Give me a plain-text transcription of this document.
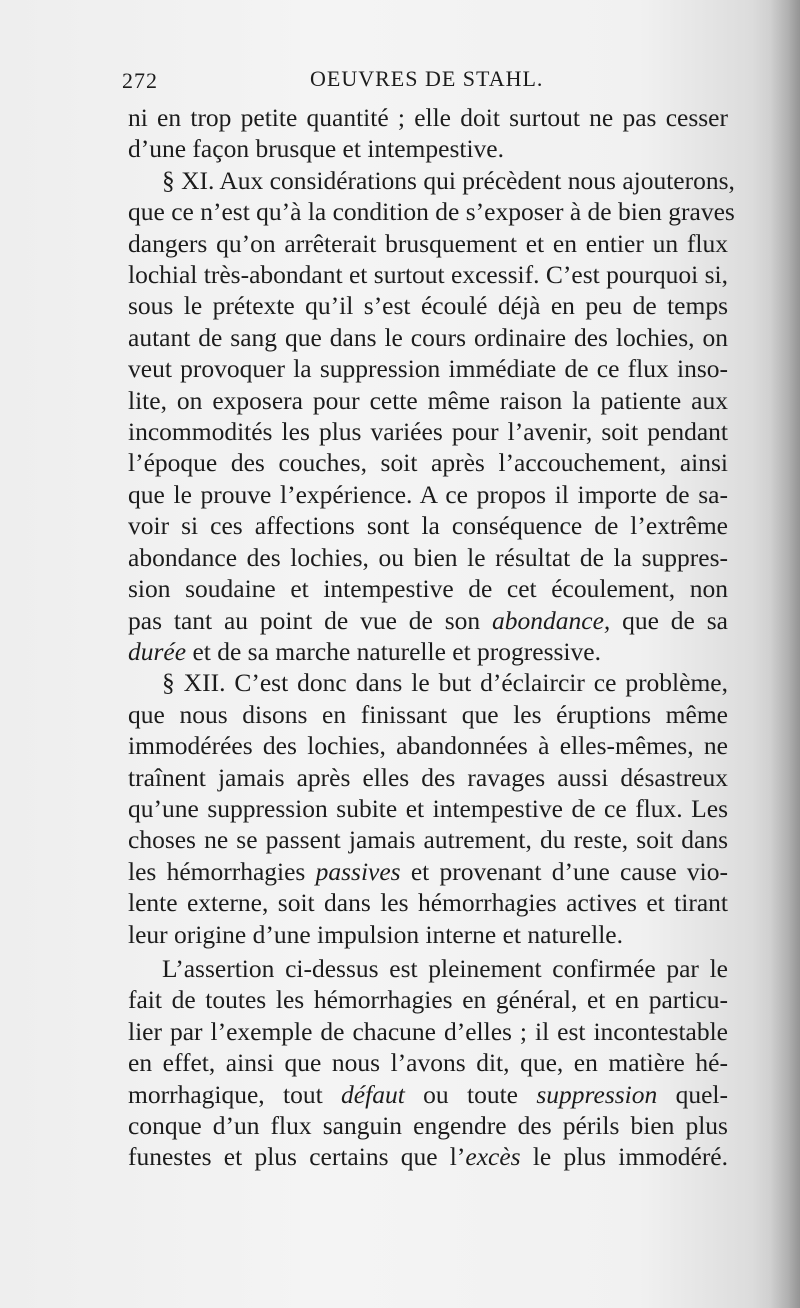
272	OEUVRES DE STAHL.
ni en trop petite quantité ; elle doit surtout ne pas cesser
d’une façon brusque et intempestive.
§ XI. Aux considérations qui précèdent nous ajouterons,
que ce n’est qu’à la condition de s’exposer à de bien graves
dangers qu’on arrêterait brusquement et en entier un flux
lochial très-abondant et surtout excessif. C’est pourquoi si,
sous le prétexte qu’il s’est écoulé déjà en peu de temps
autant de sang que dans le cours ordinaire des lochies, on
veut provoquer la suppression immédiate de ce flux inso-
lite, on exposera pour cette même raison la patiente aux
incommodités les plus variées pour l’avenir, soit pendant
l’époque des couches, soit après l’accouchement, ainsi
que le prouve l’expérience. A ce propos il importe de sa-
voir si ces affections sont la conséquence de l’extrême
abondance des lochies, ou bien le résultat de la suppres-
sion soudaine et intempestive de cet écoulement, non
pas tant au point de vue de son abondance, que de sa
durée et de sa marche naturelle et progressive.
§ XII. C’est donc dans le but d’éclaircir ce problème,
que nous disons en finissant que les éruptions même
immodérées des lochies, abandonnées à elles-mêmes, ne
traînent jamais après elles des ravages aussi désastreux
qu’une suppression subite et intempestive de ce flux. Les
choses ne se passent jamais autrement, du reste, soit dans
les hémorrhagies passives et provenant d’une cause vio-
lente externe, soit dans les hémorrhagies actives et tirant
leur origine d’une impulsion interne et naturelle.
L’assertion ci-dessus est pleinement confirmée par le
fait de toutes les hémorrhagies en général, et en particu-
lier par l’exemple de chacune d’elles ; il est incontestable
en effet, ainsi que nous l’avons dit, que, en matière hé-
morrhagique, tout défaut ou toute suppression quel-
conque d’un flux sanguin engendre des périls bien plus
funestes et plus certains que l’excès le plus immodéré.
